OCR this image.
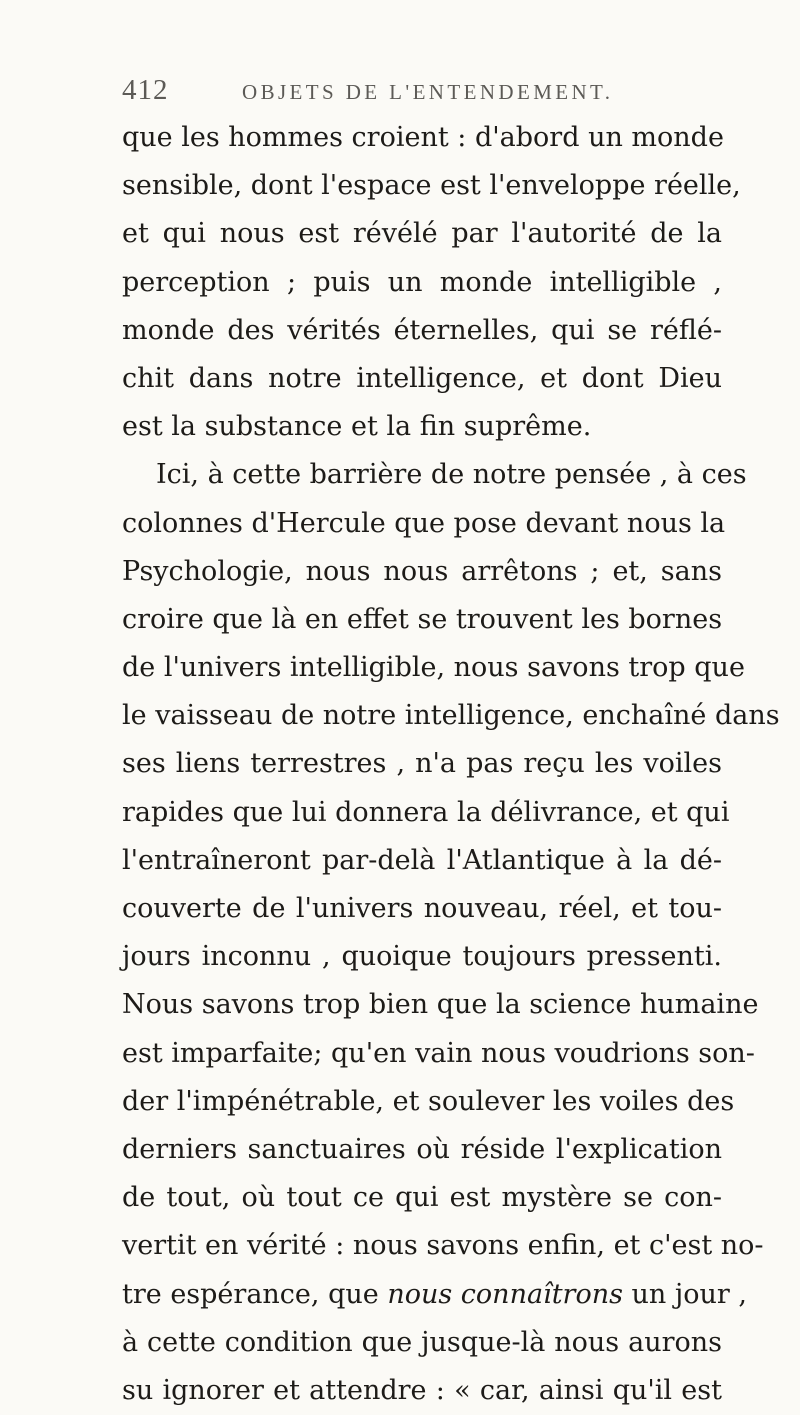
412	OBJETS DE L'ENTENDEMENT.
que les hommes croient : d'abord un monde
sensible, dont l'espace est l'enveloppe réelle,
et qui nous est révélé par l'autorité de la
perception ; puis un monde intelligible ,
monde des vérités éternelles, qui se réflé-
chit dans notre intelligence, et dont Dieu
est la substance et la fin suprême.
Ici, à cette barrière de notre pensée , à ces
colonnes d'Hercule que pose devant nous la
Psychologie, nous nous arrêtons ; et, sans
croire que là en effet se trouvent les bornes
de l'univers intelligible, nous savons trop que
le vaisseau de notre intelligence, enchaîné dans
ses liens terrestres , n'a pas reçu les voiles
rapides que lui donnera la délivrance, et qui
l'entraîneront par-delà l'Atlantique à la dé-
couverte de l'univers nouveau, réel, et tou-
jours inconnu , quoique toujours pressenti.
Nous savons trop bien que la science humaine
est imparfaite; qu'en vain nous voudrions son-
der l'impénétrable, et soulever les voiles des
derniers sanctuaires où réside l'explication
de tout, où tout ce qui est mystère se con-
vertit en vérité : nous savons enfin, et c'est no-
tre espérance, que nous connaîtrons un jour ,
à cette condition que jusque-là nous aurons
su ignorer et attendre : « car, ainsi qu'il est
